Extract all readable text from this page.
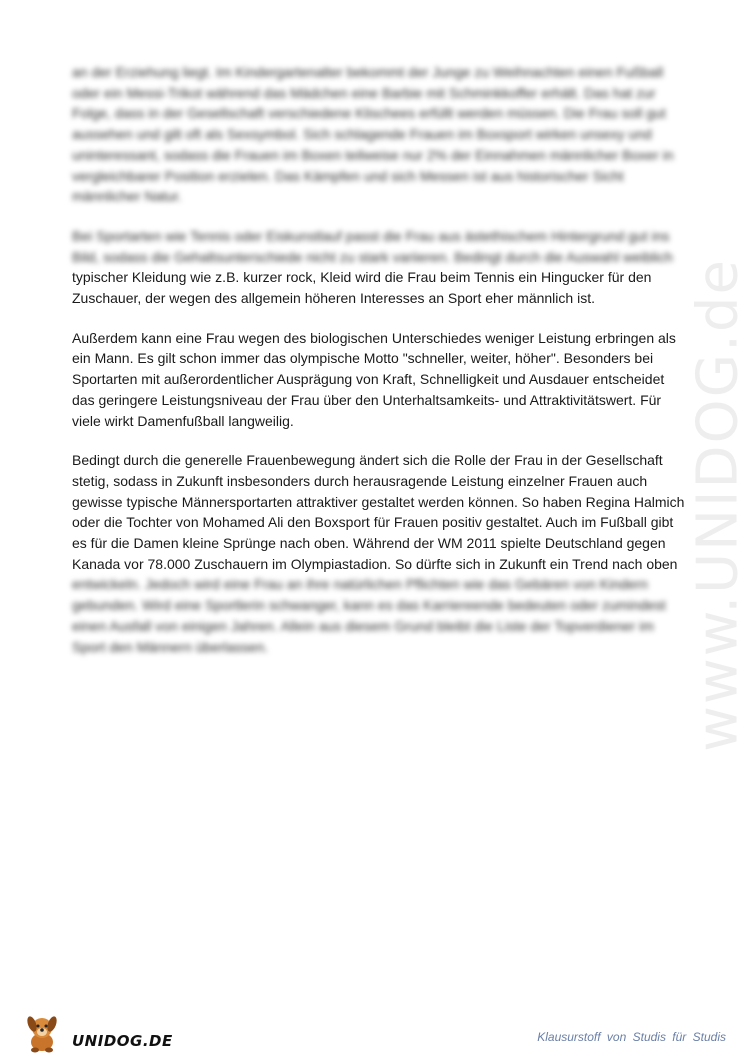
an der Erziehung liegt. Im Kindergartenalter bekommt der Junge zu Weihnachten einen Fußball
oder ein Messi-Trikot während das Mädchen eine Barbie mit Schminkkoffer erhält. Das hat zur
Folge, dass in der Gesellschaft verschiedene Klischees erfüllt werden müssen. Die Frau soll gut
aussehen und gilt oft als Sexsymbol. Sich schlagende Frauen im Boxsport wirken unsexy und
uninteressant, sodass die Frauen im Boxen teilweise nur 2% der Einnahmen männlicher Boxer in
vergleichbarer Position erzielen. Das Kämpfen und sich Messen ist aus historischer Sicht
männlicher Natur.
Bei Sportarten wie Tennis oder Eiskunstlauf passt die Frau aus ästethischem Hintergrund gut ins
Bild, sodass die Gehaltsunterschiede nicht zu stark variieren. Bedingt durch die Auswahl weiblich
typischer Kleidung wie z.B. kurzer rock, Kleid wird die Frau beim Tennis ein Hingucker für den
Zuschauer, der wegen des allgemein höheren Interesses an Sport eher männlich ist.
Außerdem kann eine Frau wegen des biologischen Unterschiedes weniger Leistung erbringen als
ein Mann. Es gilt schon immer das olympische Motto "schneller, weiter, höher". Besonders bei
Sportarten mit außerordentlicher Ausprägung von Kraft, Schnelligkeit und Ausdauer entscheidet
das geringere Leistungsniveau der Frau über den Unterhaltsamkeits- und Attraktivitätswert. Für
viele wirkt Damenfußball langweilig.
Bedingt durch die generelle Frauenbewegung ändert sich die Rolle der Frau in der Gesellschaft
stetig, sodass in Zukunft insbesonders durch herausragende Leistung einzelner Frauen auch
gewisse typische Männersportarten attraktiver gestaltet werden können. So haben Regina Halmich
oder die Tochter von Mohamed Ali den Boxsport für Frauen positiv gestaltet. Auch im Fußball gibt
es für die Damen kleine Sprünge nach oben. Während der WM 2011 spielte Deutschland gegen
Kanada vor 78.000 Zuschauern im Olympiastadion. So dürfte sich in Zukunft ein Trend nach oben
entwickeln. Jedoch wird eine Frau an ihre natürlichen Pflichten wie das Gebären von Kindern
gebunden. Wird eine Sportlerin schwanger, kann es das Karriereende bedeuten oder zumindest
einen Ausfall von einigen Jahren. Allein aus diesem Grund bleibt die Liste der Topverdiener im
Sport den Männern überlassen.	www.UNIDOG.de
UNIDOG.DE	Klausurstoff von Studis für Studis
